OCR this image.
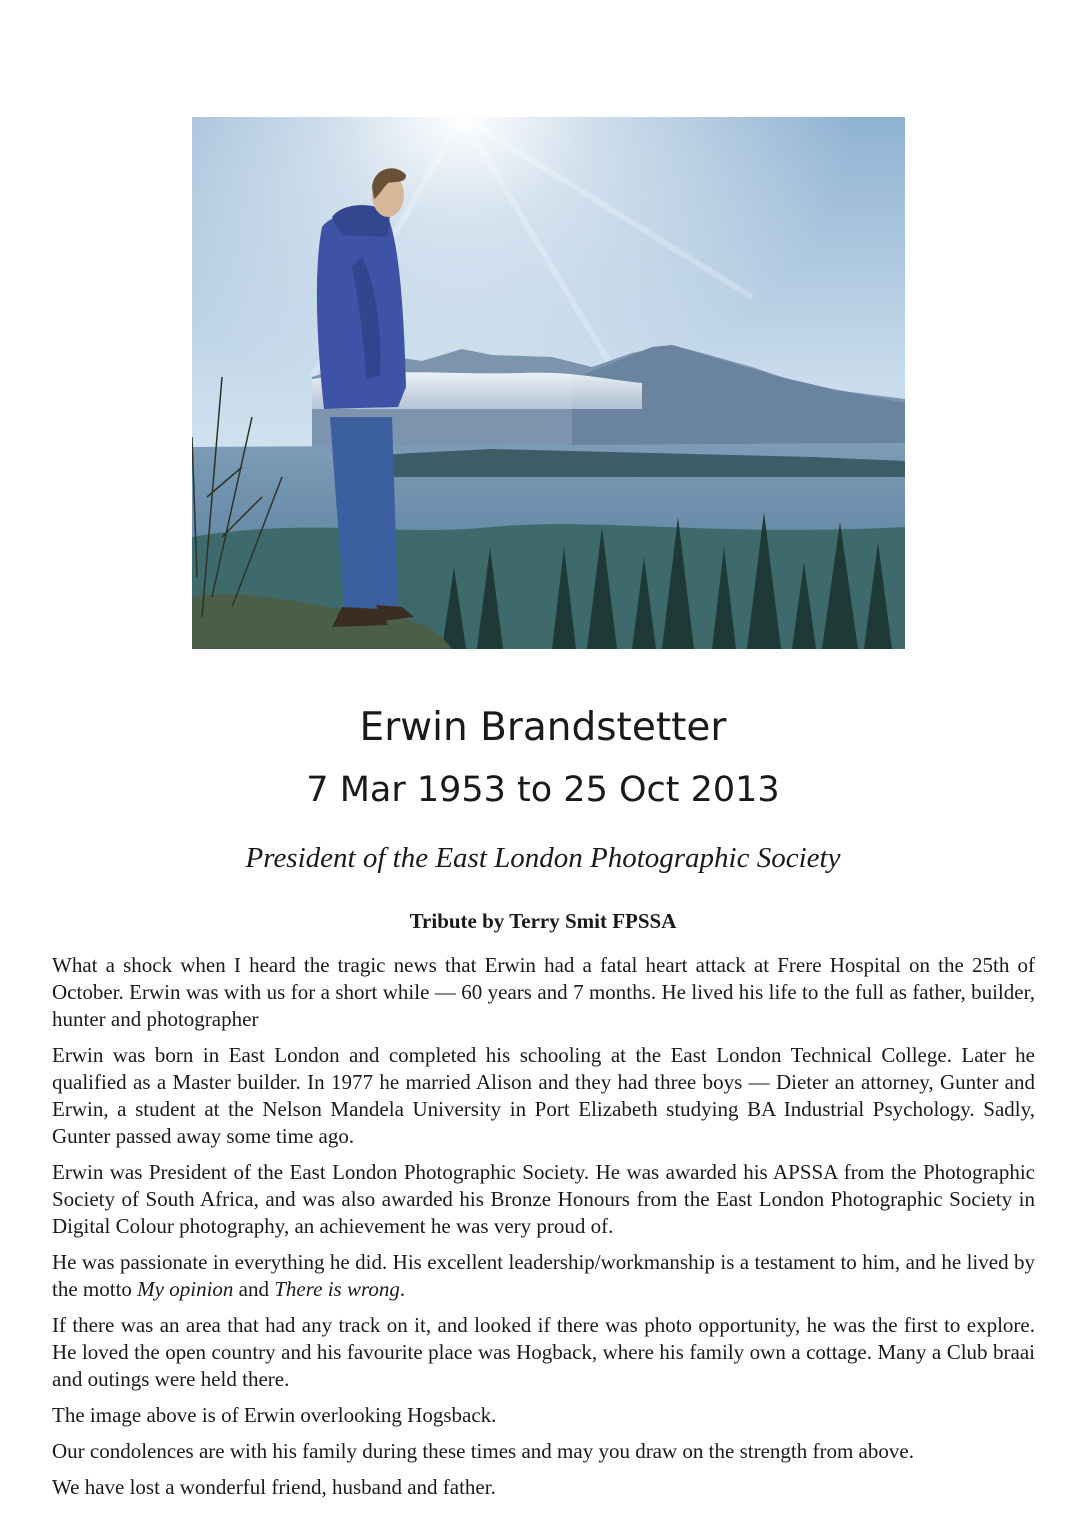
Erwin Brandstetter
7 Mar 1953 to 25 Oct 2013
President of the East London Photographic Society
Tribute by Terry Smit FPSSA

What a shock when I heard the tragic news that Erwin had a fatal heart attack at Frere Hospital on the 25th of October. Erwin was with us for a short while — 60 years and 7 months. He lived his life to the full as father, builder, hunter and photographer

Erwin was born in East London and completed his schooling at the East London Technical College. Later he qualified as a Master builder. In 1977 he married Alison and they had three boys — Dieter an attorney, Gunter and Erwin, a student at the Nelson Mandela University in Port Elizabeth studying BA Industrial Psychology. Sadly, Gunter passed away some time ago.

Erwin was President of the East London Photographic Society. He was awarded his APSSA from the Photographic Society of South Africa, and was also awarded his Bronze Honours from the East London Photographic Society in Digital Colour photography, an achievement he was very proud of.

He was passionate in everything he did. His excellent leadership/workmanship is a testament to him, and he lived by the motto My opinion and There is wrong.

If there was an area that had any track on it, and looked if there was photo opportunity, he was the first to explore. He loved the open country and his favourite place was Hogback, where his family own a cottage. Many a Club braai and outings were held there.

The image above is of Erwin overlooking Hogsback.

Our condolences are with his family during these times and may you draw on the strength from above.

We have lost a wonderful friend, husband and father.
